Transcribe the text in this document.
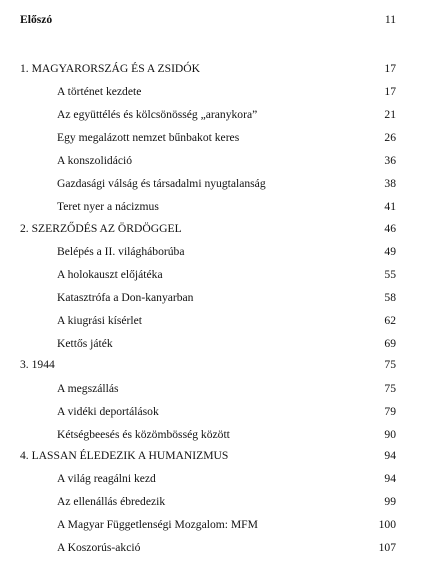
Előszó	11
1. MAGYARORSZÁG ÉS A ZSIDÓK	17
A történet kezdete	17
Az együttélés és kölcsönösség „aranykora”	21
Egy megalázott nemzet bűnbakot keres	26
A konszolidáció	36
Gazdasági válság és társadalmi nyugtalanság	38
Teret nyer a nácizmus	41
2. SZERZŐDÉS AZ ÖRDÖGGEL	46
Belépés a II. világháborúba	49
A holokauszt előjátéka	55
Katasztrófa a Don-kanyarban	58
A kiugrási kísérlet	62
Kettős játék	69
3. 1944	75
A megszállás	75
A vidéki deportálások	79
Kétségbeesés és közömbösség között	90
4. LASSAN ÉLEDEZIK A HUMANIZMUS	94
A világ reagálni kezd	94
Az ellenállás ébredezik	99
A Magyar Függetlenségi Mozgalom: MFM	100
A Koszorús-akció	107
